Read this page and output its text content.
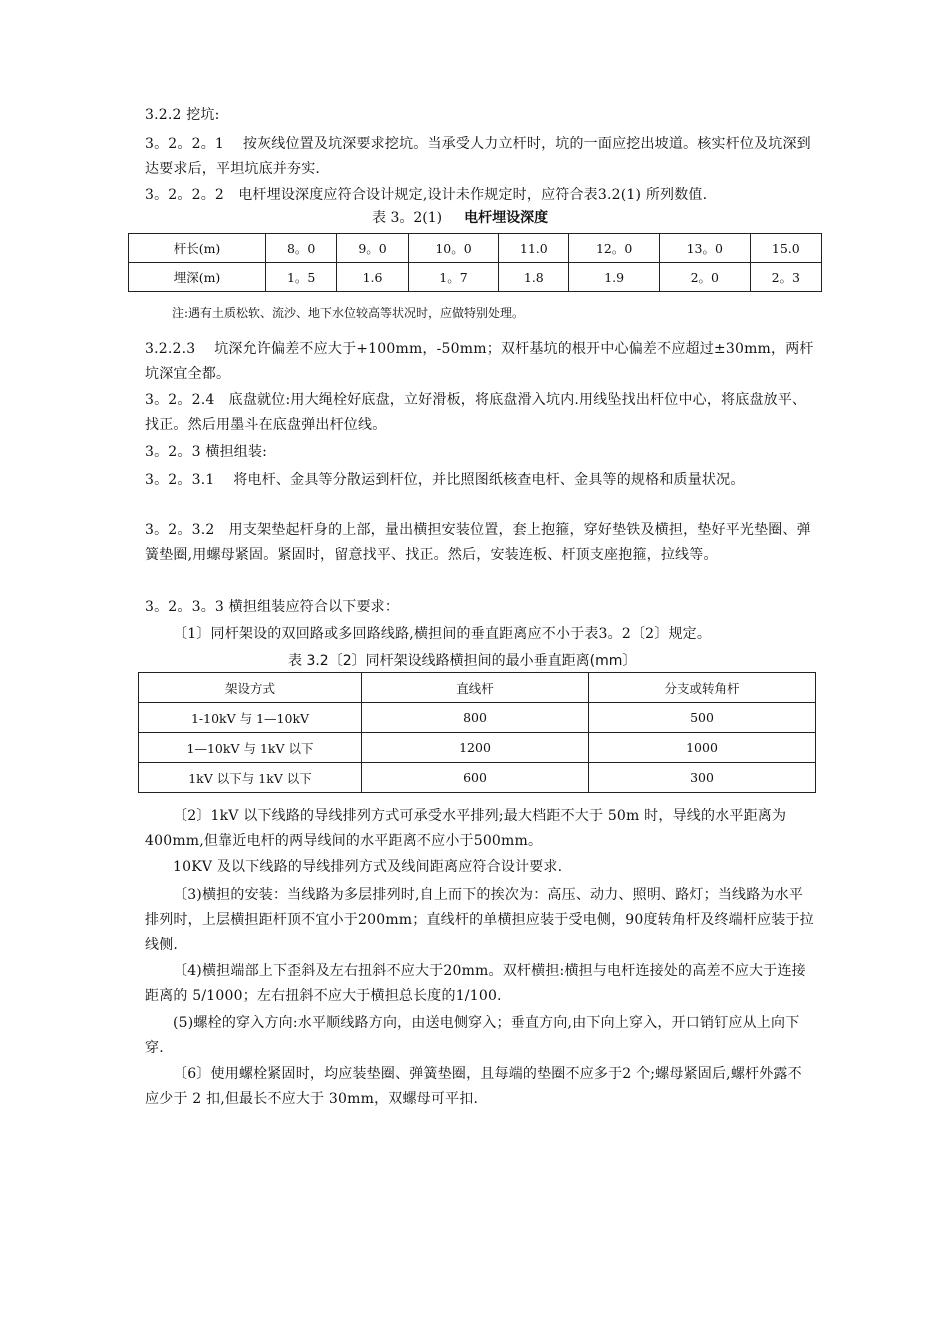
3.2.2 挖坑:

3。2。2。1　 按灰线位置及坑深要求挖坑。当承受人力立杆时，坑的一面应挖出坡道。核实杆位及坑深到达要求后，平坦坑底并夯实.

3。2。2。2　电杆埋设深度应符合设计规定,设计未作规定时，应符合表3.2(1) 所列数值.

表 3。2(1) 电杆埋设深度
杆长(m)	8。0	9。0	10。0	11.0	12。0	13。0	15.0
埋深(m)	1。5	1.6	1。7	1.8	1.9	2。0	2。3
注:遇有土质松软、流沙、地下水位较高等状况时，应做特别处理。

3.2.2.3　 坑深允许偏差不应大于+100mm，-50mm；双杆基坑的根开中心偏差不应超过±30mm，两杆坑深宜全都。

3。2。2.4　底盘就位:用大绳栓好底盘，立好滑板，将底盘滑入坑内.用线坠找出杆位中心，将底盘放平、找正。然后用墨斗在底盘弹出杆位线。

3。2。3 横担组装:

3。2。3.1　 将电杆、金具等分散运到杆位，并比照图纸核查电杆、金具等的规格和质量状况。

3。2。3.2　用支架垫起杆身的上部，量出横担安装位置，套上抱箍，穿好垫铁及横担，垫好平光垫圈、弹簧垫圈,用螺母紧固。紧固时，留意找平、找正。然后，安装连板、杆顶支座抱箍，拉线等。

3。2。3。3 横担组装应符合以下要求：

〔1〕同杆架设的双回路或多回路线路,横担间的垂直距离应不小于表3。2〔2〕规定。

表 3.2〔2〕同杆架设线路横担间的最小垂直距离(mm〕
架设方式	直线杆	分支或转角杆
1-10kV 与 1—10kV	800	500
1—10kV 与 1kV 以下	1200	1000
1kV 以下与 1kV 以下	600	300

〔2〕1kV 以下线路的导线排列方式可承受水平排列;最大档距不大于 50m 时，导线的水平距离为 400mm,但靠近电杆的两导线间的水平距离不应小于500mm。

10KV 及以下线路的导线排列方式及线间距离应符合设计要求.

〔3)横担的安装：当线路为多层排列时,自上而下的挨次为：高压、动力、照明、路灯；当线路为水平排列时，上层横担距杆顶不宜小于200mm；直线杆的单横担应装于受电侧，90度转角杆及终端杆应装于拉线侧.

〔4)横担端部上下歪斜及左右扭斜不应大于20mm。双杆横担:横担与电杆连接处的高差不应大于连接距离的 5/1000；左右扭斜不应大于横担总长度的1/100.

(5)螺栓的穿入方向:水平顺线路方向，由送电侧穿入；垂直方向,由下向上穿入，开口销钉应从上向下穿.

〔6〕使用螺栓紧固时，均应装垫圈、弹簧垫圈，且每端的垫圈不应多于2 个;螺母紧固后,螺杆外露不应少于 2 扣,但最长不应大于 30mm，双螺母可平扣.
